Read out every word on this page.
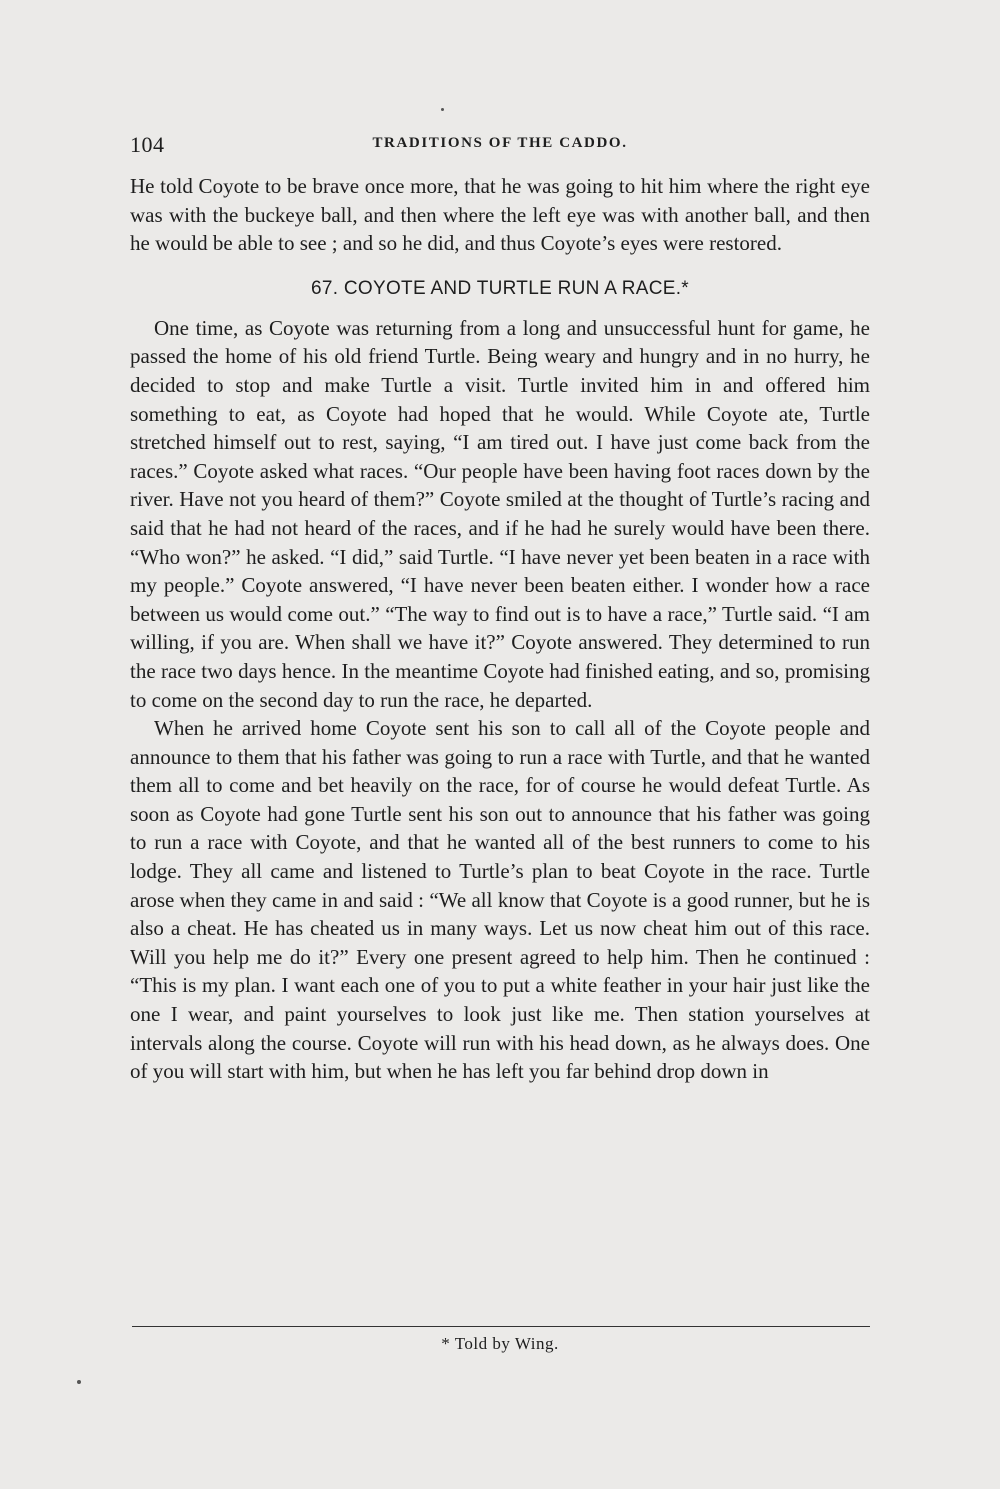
104	TRADITIONS OF THE CADDO.

He told Coyote to be brave once more, that he was going to hit him where the right eye was with the buckeye ball, and then where the left eye was with another ball, and then he would be able to see ; and so he did, and thus Coyote’s eyes were restored.

67. COYOTE AND TURTLE RUN A RACE.*

One time, as Coyote was returning from a long and unsuccessful hunt for game, he passed the home of his old friend Turtle. Being weary and hungry and in no hurry, he decided to stop and make Turtle a visit. Turtle invited him in and offered him something to eat, as Coyote had hoped that he would. While Coyote ate, Turtle stretched himself out to rest, saying, “I am tired out. I have just come back from the races.” Coyote asked what races. “Our people have been having foot races down by the river. Have not you heard of them?” Coyote smiled at the thought of Turtle’s racing and said that he had not heard of the races, and if he had he surely would have been there. “Who won?” he asked. “I did,” said Turtle. “I have never yet been beaten in a race with my people.” Coyote answered, “I have never been beaten either. I wonder how a race between us would come out.” “The way to find out is to have a race,” Turtle said. “I am willing, if you are. When shall we have it?” Coyote answered. They determined to run the race two days hence. In the meantime Coyote had finished eating, and so, promising to come on the second day to run the race, he departed.

When he arrived home Coyote sent his son to call all of the Coyote people and announce to them that his father was going to run a race with Turtle, and that he wanted them all to come and bet heavily on the race, for of course he would defeat Turtle. As soon as Coyote had gone Turtle sent his son out to announce that his father was going to run a race with Coyote, and that he wanted all of the best runners to come to his lodge. They all came and listened to Turtle’s plan to beat Coyote in the race. Turtle arose when they came in and said : “We all know that Coyote is a good runner, but he is also a cheat. He has cheated us in many ways. Let us now cheat him out of this race. Will you help me do it?” Every one present agreed to help him. Then he continued : “This is my plan. I want each one of you to put a white feather in your hair just like the one I wear, and paint yourselves to look just like me. Then station yourselves at intervals along the course. Coyote will run with his head down, as he always does. One of you will start with him, but when he has left you far behind drop down in

* Told by Wing.
